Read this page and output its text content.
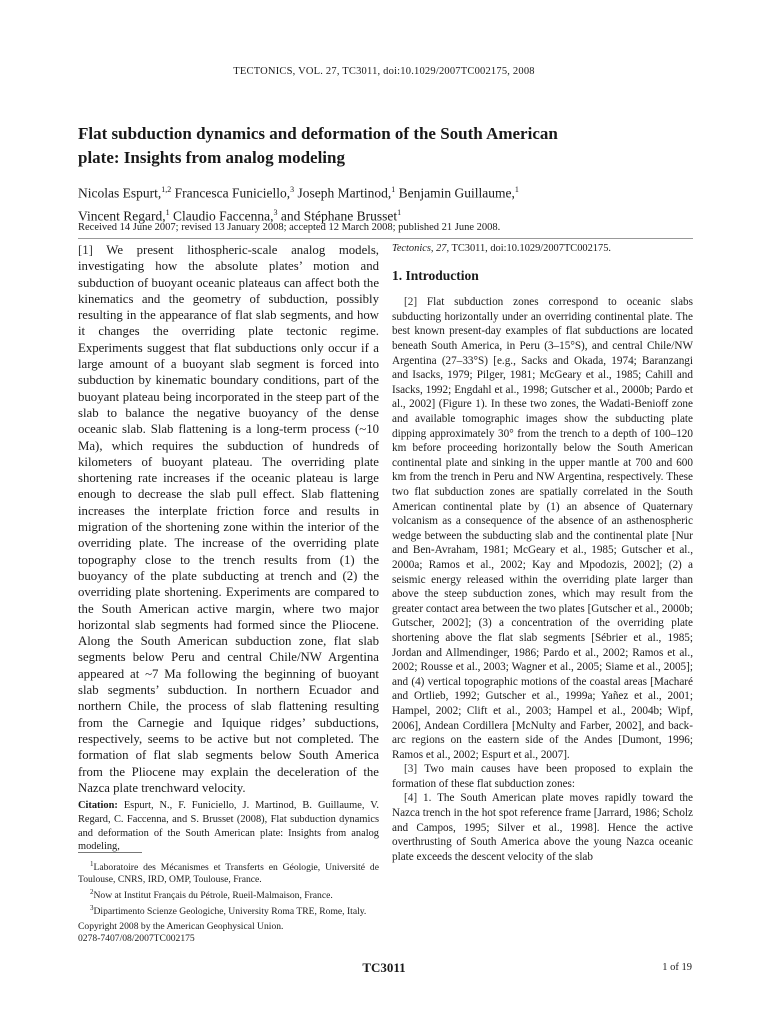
TECTONICS, VOL. 27, TC3011, doi:10.1029/2007TC002175, 2008
Flat subduction dynamics and deformation of the South American
plate: Insights from analog modeling
Nicolas Espurt,$^{1,2}$ Francesca Funiciello,$^3$ Joseph Martinod,$^1$ Benjamin Guillaume,$^1$
Vincent Regard,$^1$ Claudio Faccenna,$^3$ and Stéphane Brusset$^1$
Received 14 June 2007; revised 13 January 2008; accepted 12 March 2008; published 21 June 2008.

[1] We present lithospheric-scale analog models, investigating how the absolute plates’ motion and subduction of buoyant oceanic plateaus can affect both the kinematics and the geometry of subduction, possibly resulting in the appearance of flat slab segments, and how it changes the overriding plate tectonic regime. Experiments suggest that flat subductions only occur if a large amount of a buoyant slab segment is forced into subduction by kinematic boundary conditions, part of the buoyant plateau being incorporated in the steep part of the slab to balance the negative buoyancy of the dense oceanic slab. Slab flattening is a long-term process (~10 Ma), which requires the subduction of hundreds of kilometers of buoyant plateau. The overriding plate shortening rate increases if the oceanic plateau is large enough to decrease the slab pull effect. Slab flattening increases the interplate friction force and results in migration of the shortening zone within the interior of the overriding plate. The increase of the overriding plate topography close to the trench results from (1) the buoyancy of the plate subducting at trench and (2) the overriding plate shortening. Experiments are compared to the South American active margin, where two major horizontal slab segments had formed since the Pliocene. Along the South American subduction zone, flat slab segments below Peru and central Chile/NW Argentina appeared at ~7 Ma following the beginning of buoyant slab segments’ subduction. In northern Ecuador and northern Chile, the process of slab flattening resulting from the Carnegie and Iquique ridges’ subductions, respectively, seems to be active but not completed. The formation of flat slab segments below South America from the Pliocene may explain the deceleration of the Nazca plate trenchward velocity.

Citation: Espurt, N., F. Funiciello, J. Martinod, B. Guillaume, V. Regard, C. Faccenna, and S. Brusset (2008), Flat subduction dynamics and deformation of the South American plate: Insights from analog modeling,

$^1$Laboratoire des Mécanismes et Transferts en Géologie, Université de Toulouse, CNRS, IRD, OMP, Toulouse, France.

$^2$Now at Institut Français du Pétrole, Rueil-Malmaison, France.

$^3$Dipartimento Scienze Geologiche, University Roma TRE, Rome, Italy.

Copyright 2008 by the American Geophysical Union.
0278-7407/08/2007TC002175

Tectonics, 27, TC3011, doi:10.1029/2007TC002175.

1. Introduction

[2] Flat subduction zones correspond to oceanic slabs subducting horizontally under an overriding continental plate. The best known present-day examples of flat subductions are located beneath South America, in Peru (3–15°S), and central Chile/NW Argentina (27–33°S) [e.g., Sacks and Okada, 1974; Baranzangi and Isacks, 1979; Pilger, 1981; McGeary et al., 1985; Cahill and Isacks, 1992; Engdahl et al., 1998; Gutscher et al., 2000b; Pardo et al., 2002] (Figure 1). In these two zones, the Wadati-Benioff zone and available tomographic images show the subducting plate dipping approximately 30° from the trench to a depth of 100–120 km before proceeding horizontally below the South American continental plate and sinking in the upper mantle at 700 and 600 km from the trench in Peru and NW Argentina, respectively. These two flat subduction zones are spatially correlated in the South American continental plate by (1) an absence of Quaternary volcanism as a consequence of the absence of an asthenospheric wedge between the subducting slab and the continental plate [Nur and Ben-Avraham, 1981; McGeary et al., 1985; Gutscher et al., 2000a; Ramos et al., 2002; Kay and Mpodozis, 2002]; (2) a seismic energy released within the overriding plate larger than above the steep subduction zones, which may result from the greater contact area between the two plates [Gutscher et al., 2000b; Gutscher, 2002]; (3) a concentration of the overriding plate shortening above the flat slab segments [Sébrier et al., 1985; Jordan and Allmendinger, 1986; Pardo et al., 2002; Ramos et al., 2002; Rousse et al., 2003; Wagner et al., 2005; Siame et al., 2005]; and (4) vertical topographic motions of the coastal areas [Macharé and Ortlieb, 1992; Gutscher et al., 1999a; Yañez et al., 2001; Hampel, 2002; Clift et al., 2003; Hampel et al., 2004b; Wipf, 2006], Andean Cordillera [McNulty and Farber, 2002], and back-arc regions on the eastern side of the Andes [Dumont, 1996; Ramos et al., 2002; Espurt et al., 2007].

[3] Two main causes have been proposed to explain the formation of these flat subduction zones:

[4] 1. The South American plate moves rapidly toward the Nazca trench in the hot spot reference frame [Jarrard, 1986; Scholz and Campos, 1995; Silver et al., 1998]. Hence the active overthrusting of South America above the young Nazca oceanic plate exceeds the descent velocity of the slab

TC3011	1 of 19
